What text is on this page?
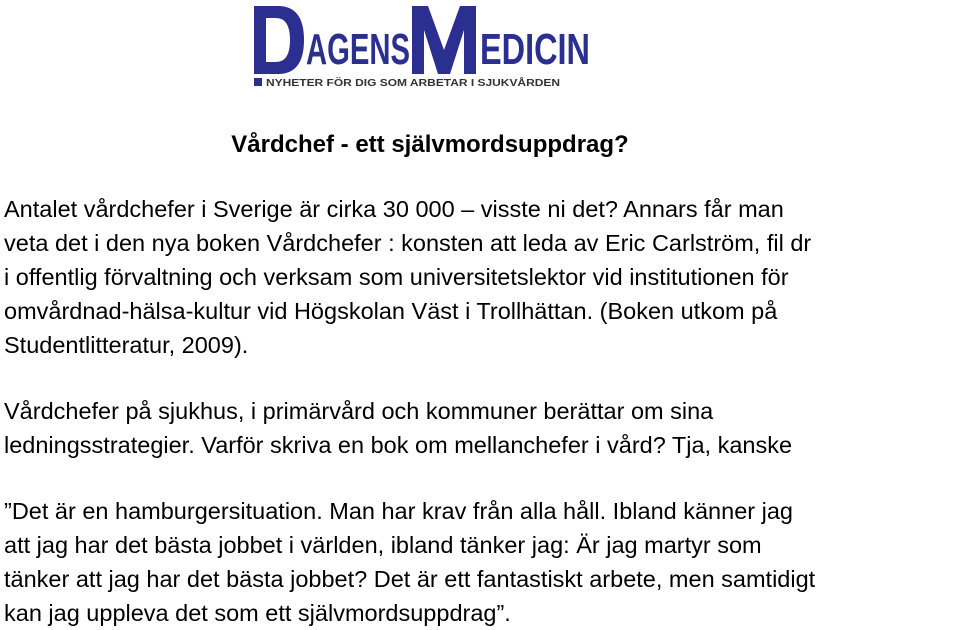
AGENS EDICIN
NYHETER FÖR DIG SOM ARBETAR I SJUKVÅRDEN
Vårdchef - ett självmordsuppdrag?

Antalet vårdchefer i Sverige är cirka 30 000 – visste ni det? Annars får man
veta det i den nya boken Vårdchefer : konsten att leda av Eric Carlström, fil dr
i offentlig förvaltning och verksam som universitetslektor vid institutionen för
omvårdnad-hälsa-kultur vid Högskolan Väst i Trollhättan. (Boken utkom på
Studentlitteratur, 2009).

Vårdchefer på sjukhus, i primärvård och kommuner berättar om sina
ledningsstrategier. Varför skriva en bok om mellanchefer i vård? Tja, kanske

”Det är en hamburgersituation. Man har krav från alla håll. Ibland känner jag
att jag har det bästa jobbet i världen, ibland tänker jag: Är jag martyr som
tänker att jag har det bästa jobbet? Det är ett fantastiskt arbete, men samtidigt
kan jag uppleva det som ett självmordsuppdrag”.
